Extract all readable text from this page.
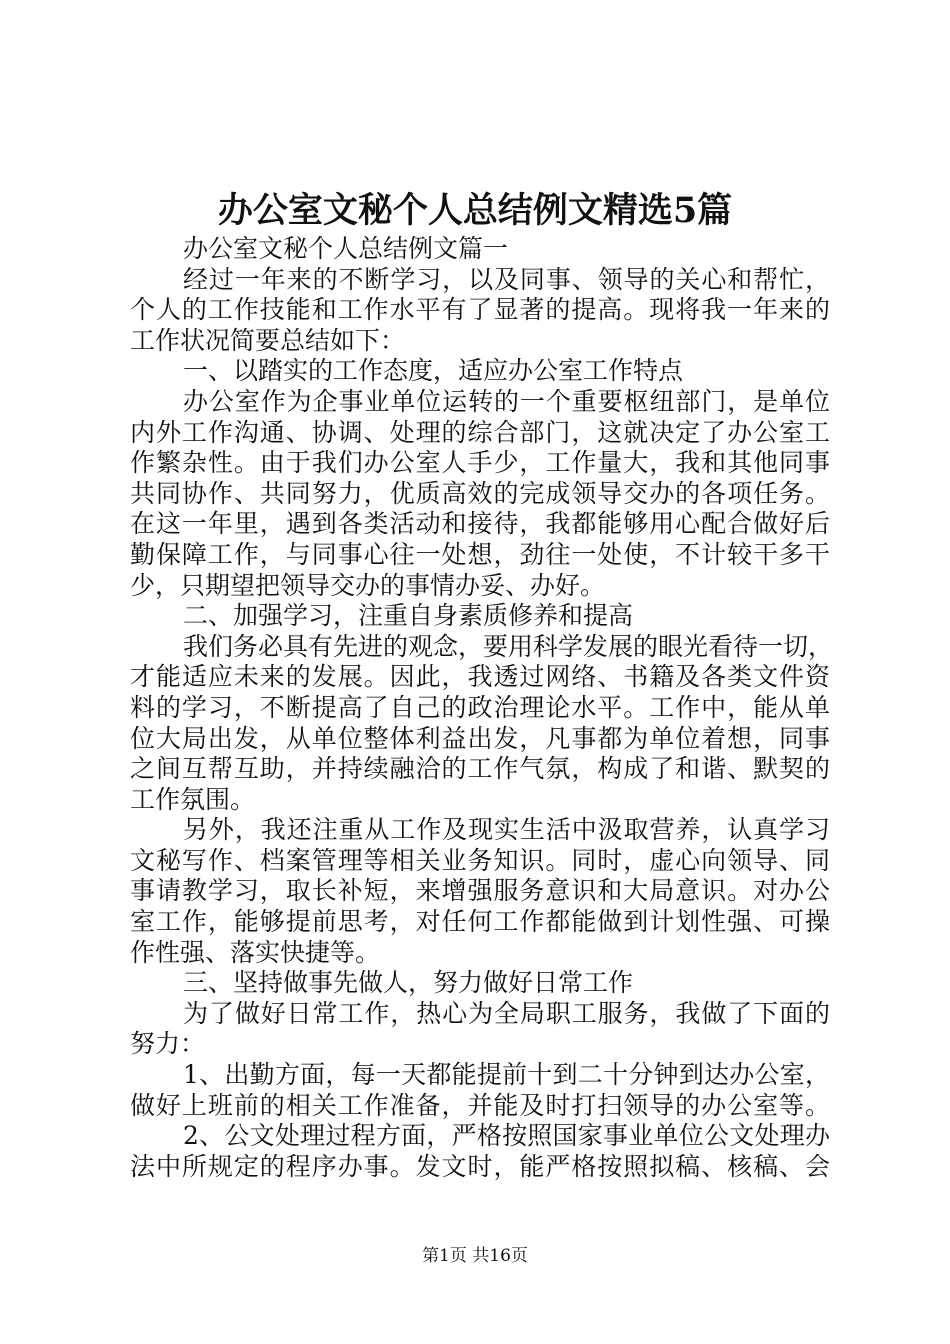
办公室文秘个人总结例文精选5篇
办公室文秘个人总结例文篇一
经过一年来的不断学习，以及同事、领导的关心和帮忙，
个人的工作技能和工作水平有了显著的提高。现将我一年来的
工作状况简要总结如下：
一、以踏实的工作态度，适应办公室工作特点
办公室作为企事业单位运转的一个重要枢纽部门，是单位
内外工作沟通、协调、处理的综合部门，这就决定了办公室工
作繁杂性。由于我们办公室人手少，工作量大，我和其他同事
共同协作、共同努力，优质高效的完成领导交办的各项任务。
在这一年里，遇到各类活动和接待，我都能够用心配合做好后
勤保障工作，与同事心往一处想，劲往一处使，不计较干多干
少，只期望把领导交办的事情办妥、办好。
二、加强学习，注重自身素质修养和提高
我们务必具有先进的观念，要用科学发展的眼光看待一切，
才能适应未来的发展。因此，我透过网络、书籍及各类文件资
料的学习，不断提高了自己的政治理论水平。工作中，能从单
位大局出发，从单位整体利益出发，凡事都为单位着想，同事
之间互帮互助，并持续融洽的工作气氛，构成了和谐、默契的
工作氛围。
另外，我还注重从工作及现实生活中汲取营养，认真学习
文秘写作、档案管理等相关业务知识。同时，虚心向领导、同
事请教学习，取长补短，来增强服务意识和大局意识。对办公
室工作，能够提前思考，对任何工作都能做到计划性强、可操
作性强、落实快捷等。
三、坚持做事先做人，努力做好日常工作
为了做好日常工作，热心为全局职工服务，我做了下面的
努力：
1、出勤方面，每一天都能提前十到二十分钟到达办公室，
做好上班前的相关工作准备，并能及时打扫领导的办公室等。
2、公文处理过程方面，严格按照国家事业单位公文处理办
法中所规定的程序办事。发文时，能严格按照拟稿、核稿、会
第1页 共16页
